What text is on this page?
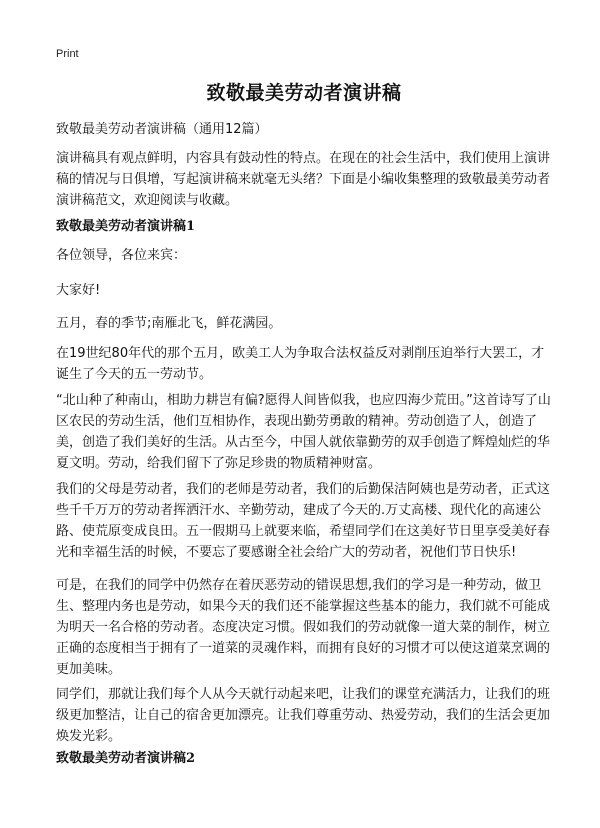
Print
致敬最美劳动者演讲稿
致敬最美劳动者演讲稿（通用12篇）
演讲稿具有观点鲜明，内容具有鼓动性的特点。在现在的社会生活中，我们使用上演讲稿的情况与日俱增，写起演讲稿来就毫无头绪？下面是小编收集整理的致敬最美劳动者演讲稿范文，欢迎阅读与收藏。
致敬最美劳动者演讲稿1
各位领导，各位来宾：
大家好!
五月，春的季节;南雁北飞，鲜花满园。
在19世纪80年代的那个五月，欧美工人为争取合法权益反对剥削压迫举行大罢工，才诞生了今天的五一劳动节。
“北山种了种南山，相助力耕岂有偏?愿得人间皆似我，也应四海少荒田。”这首诗写了山区农民的劳动生活，他们互相协作，表现出勤劳勇敢的精神。劳动创造了人，创造了美，创造了我们美好的生活。从古至今，中国人就依靠勤劳的双手创造了辉煌灿烂的华夏文明。劳动，给我们留下了弥足珍贵的物质精神财富。
我们的父母是劳动者，我们的老师是劳动者，我们的后勤保洁阿姨也是劳动者，正式这些千千万万的劳动者挥洒汗水、辛勤劳动，建成了今天的.万丈高楼、现代化的高速公路、使荒原变成良田。五一假期马上就要来临，希望同学们在这美好节日里享受美好春光和幸福生活的时候，不要忘了要感谢全社会给广大的劳动者，祝他们节日快乐!
可是，在我们的同学中仍然存在着厌恶劳动的错误思想,我们的学习是一种劳动，做卫生、整理内务也是劳动，如果今天的我们还不能掌握这些基本的能力，我们就不可能成为明天一名合格的劳动者。态度决定习惯。假如我们的劳动就像一道大菜的制作，树立正确的态度相当于拥有了一道菜的灵魂作料，而拥有良好的习惯才可以使这道菜烹调的更加美味。
同学们，那就让我们每个人从今天就行动起来吧，让我们的课堂充满活力，让我们的班级更加整洁，让自己的宿舍更加漂亮。让我们尊重劳动、热爱劳动，我们的生活会更加焕发光彩。
致敬最美劳动者演讲稿2
